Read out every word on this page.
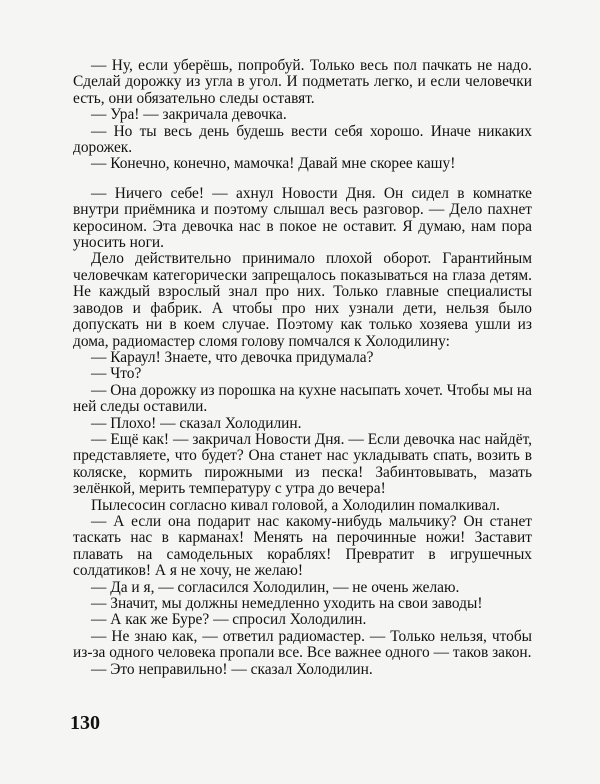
— Ну, если уберёшь, попробуй. Только весь пол пачкать не надо. Сделай дорожку из угла в угол. И подметать легко, и если человечки есть, они обязательно следы оставят.

— Ура! — закричала девочка.

— Но ты весь день будешь вести себя хорошо. Иначе никаких дорожек.

— Конечно, конечно, мамочка! Давай мне скорее кашу!

— Ничего себе! — ахнул Новости Дня. Он сидел в комнатке внутри приёмника и поэтому слышал весь разговор. — Дело пахнет керосином. Эта девочка нас в покое не оставит. Я думаю, нам пора уносить ноги.

Дело действительно принимало плохой оборот. Гарантийным человечкам категорически запрещалось показываться на глаза детям. Не каждый взрослый знал про них. Только главные специалисты заводов и фабрик. А чтобы про них узнали дети, нельзя было допускать ни в коем случае. Поэтому как только хозяева ушли из дома, радиомастер сломя голову помчался к Холодилину:

— Караул! Знаете, что девочка придумала?

— Что?

— Она дорожку из порошка на кухне насыпать хочет. Чтобы мы на ней следы оставили.

— Плохо! — сказал Холодилин.

— Ещё как! — закричал Новости Дня. — Если девочка нас найдёт, представляете, что будет? Она станет нас укладывать спать, возить в коляске, кормить пирожными из песка! Забинтовывать, мазать зелёнкой, мерить температуру с утра до вечера!

Пылесосин согласно кивал головой, а Холодилин помалкивал.

— А если она подарит нас какому-нибудь мальчику? Он станет таскать нас в карманах! Менять на перочинные ножи! Заставит плавать на самодельных кораблях! Превратит в игрушечных солдатиков! А я не хочу, не желаю!

— Да и я, — согласился Холодилин, — не очень желаю.

— Значит, мы должны немедленно уходить на свои заводы!

— А как же Буре? — спросил Холодилин.

— Не знаю как, — ответил радиомастер. — Только нельзя, чтобы из-за одного человека пропали все. Все важнее одного — таков закон.

— Это неправильно! — сказал Холодилин.

130
